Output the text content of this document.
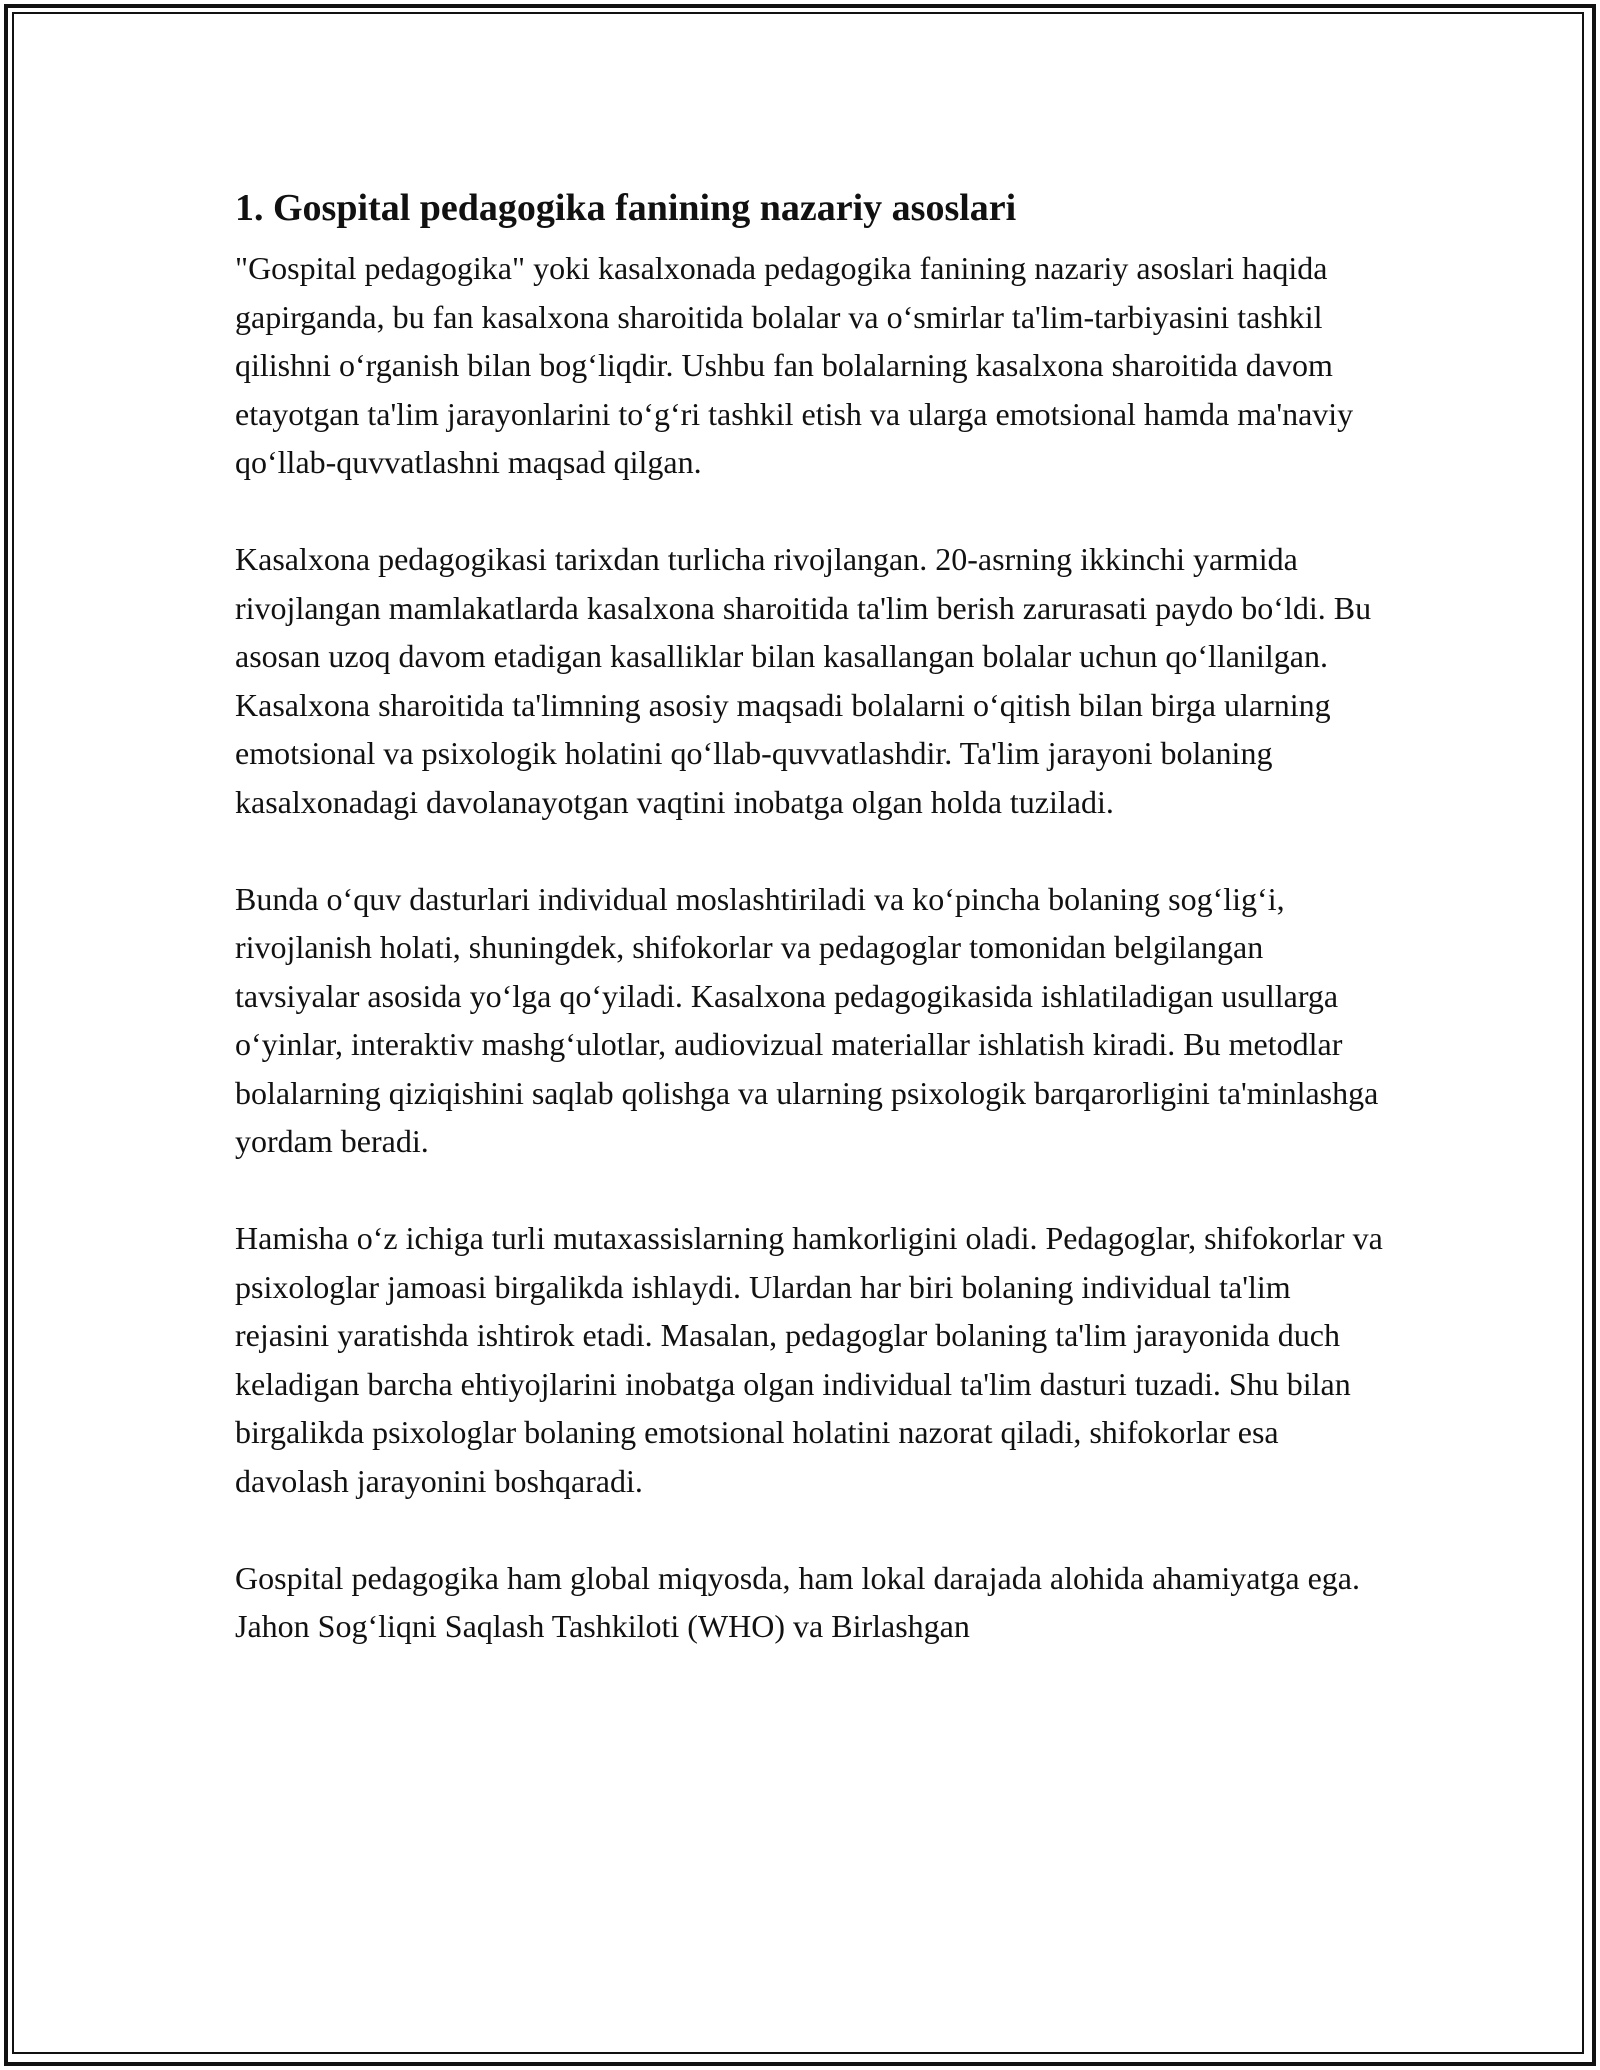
1. Gospital pedagogika fanining nazariy asoslari

"Gospital pedagogika" yoki kasalxonada pedagogika fanining nazariy asoslari haqida gapirganda, bu fan kasalxona sharoitida bolalar va oʻsmirlar ta'lim-tarbiyasini tashkil qilishni oʻrganish bilan bogʻliqdir. Ushbu fan bolalarning kasalxona sharoitida davom etayotgan ta'lim jarayonlarini toʻgʻri tashkil etish va ularga emotsional hamda ma'naviy qoʻllab-quvvatlashni maqsad qilgan.

Kasalxona pedagogikasi tarixdan turlicha rivojlangan. 20-asrning ikkinchi yarmida rivojlangan mamlakatlarda kasalxona sharoitida ta'lim berish zarurasati paydo boʻldi. Bu asosan uzoq davom etadigan kasalliklar bilan kasallangan bolalar uchun qoʻllanilgan. Kasalxona sharoitida ta'limning asosiy maqsadi bolalarni oʻqitish bilan birga ularning emotsional va psixologik holatini qoʻllab-quvvatlashdir. Ta'lim jarayoni bolaning kasalxonadagi davolanayotgan vaqtini inobatga olgan holda tuziladi.

Bunda oʻquv dasturlari individual moslashtiriladi va koʻpincha bolaning sogʻligʻi, rivojlanish holati, shuningdek, shifokorlar va pedagoglar tomonidan belgilangan tavsiyalar asosida yoʻlga qoʻyiladi. Kasalxona pedagogikasida ishlatiladigan usullarga oʻyinlar, interaktiv mashgʻulotlar, audiovizual materiallar ishlatish kiradi. Bu metodlar bolalarning qiziqishini saqlab qolishga va ularning psixologik barqarorligini ta'minlashga yordam beradi.

Hamisha oʻz ichiga turli mutaxassislarning hamkorligini oladi. Pedagoglar, shifokorlar va psixologlar jamoasi birgalikda ishlaydi. Ulardan har biri bolaning individual ta'lim rejasini yaratishda ishtirok etadi. Masalan, pedagoglar bolaning ta'lim jarayonida duch keladigan barcha ehtiyojlarini inobatga olgan individual ta'lim dasturi tuzadi. Shu bilan birgalikda psixologlar bolaning emotsional holatini nazorat qiladi, shifokorlar esa davolash jarayonini boshqaradi.

Gospital pedagogika ham global miqyosda, ham lokal darajada alohida ahamiyatga ega. Jahon Sogʻliqni Saqlash Tashkiloti (WHO) va Birlashgan
